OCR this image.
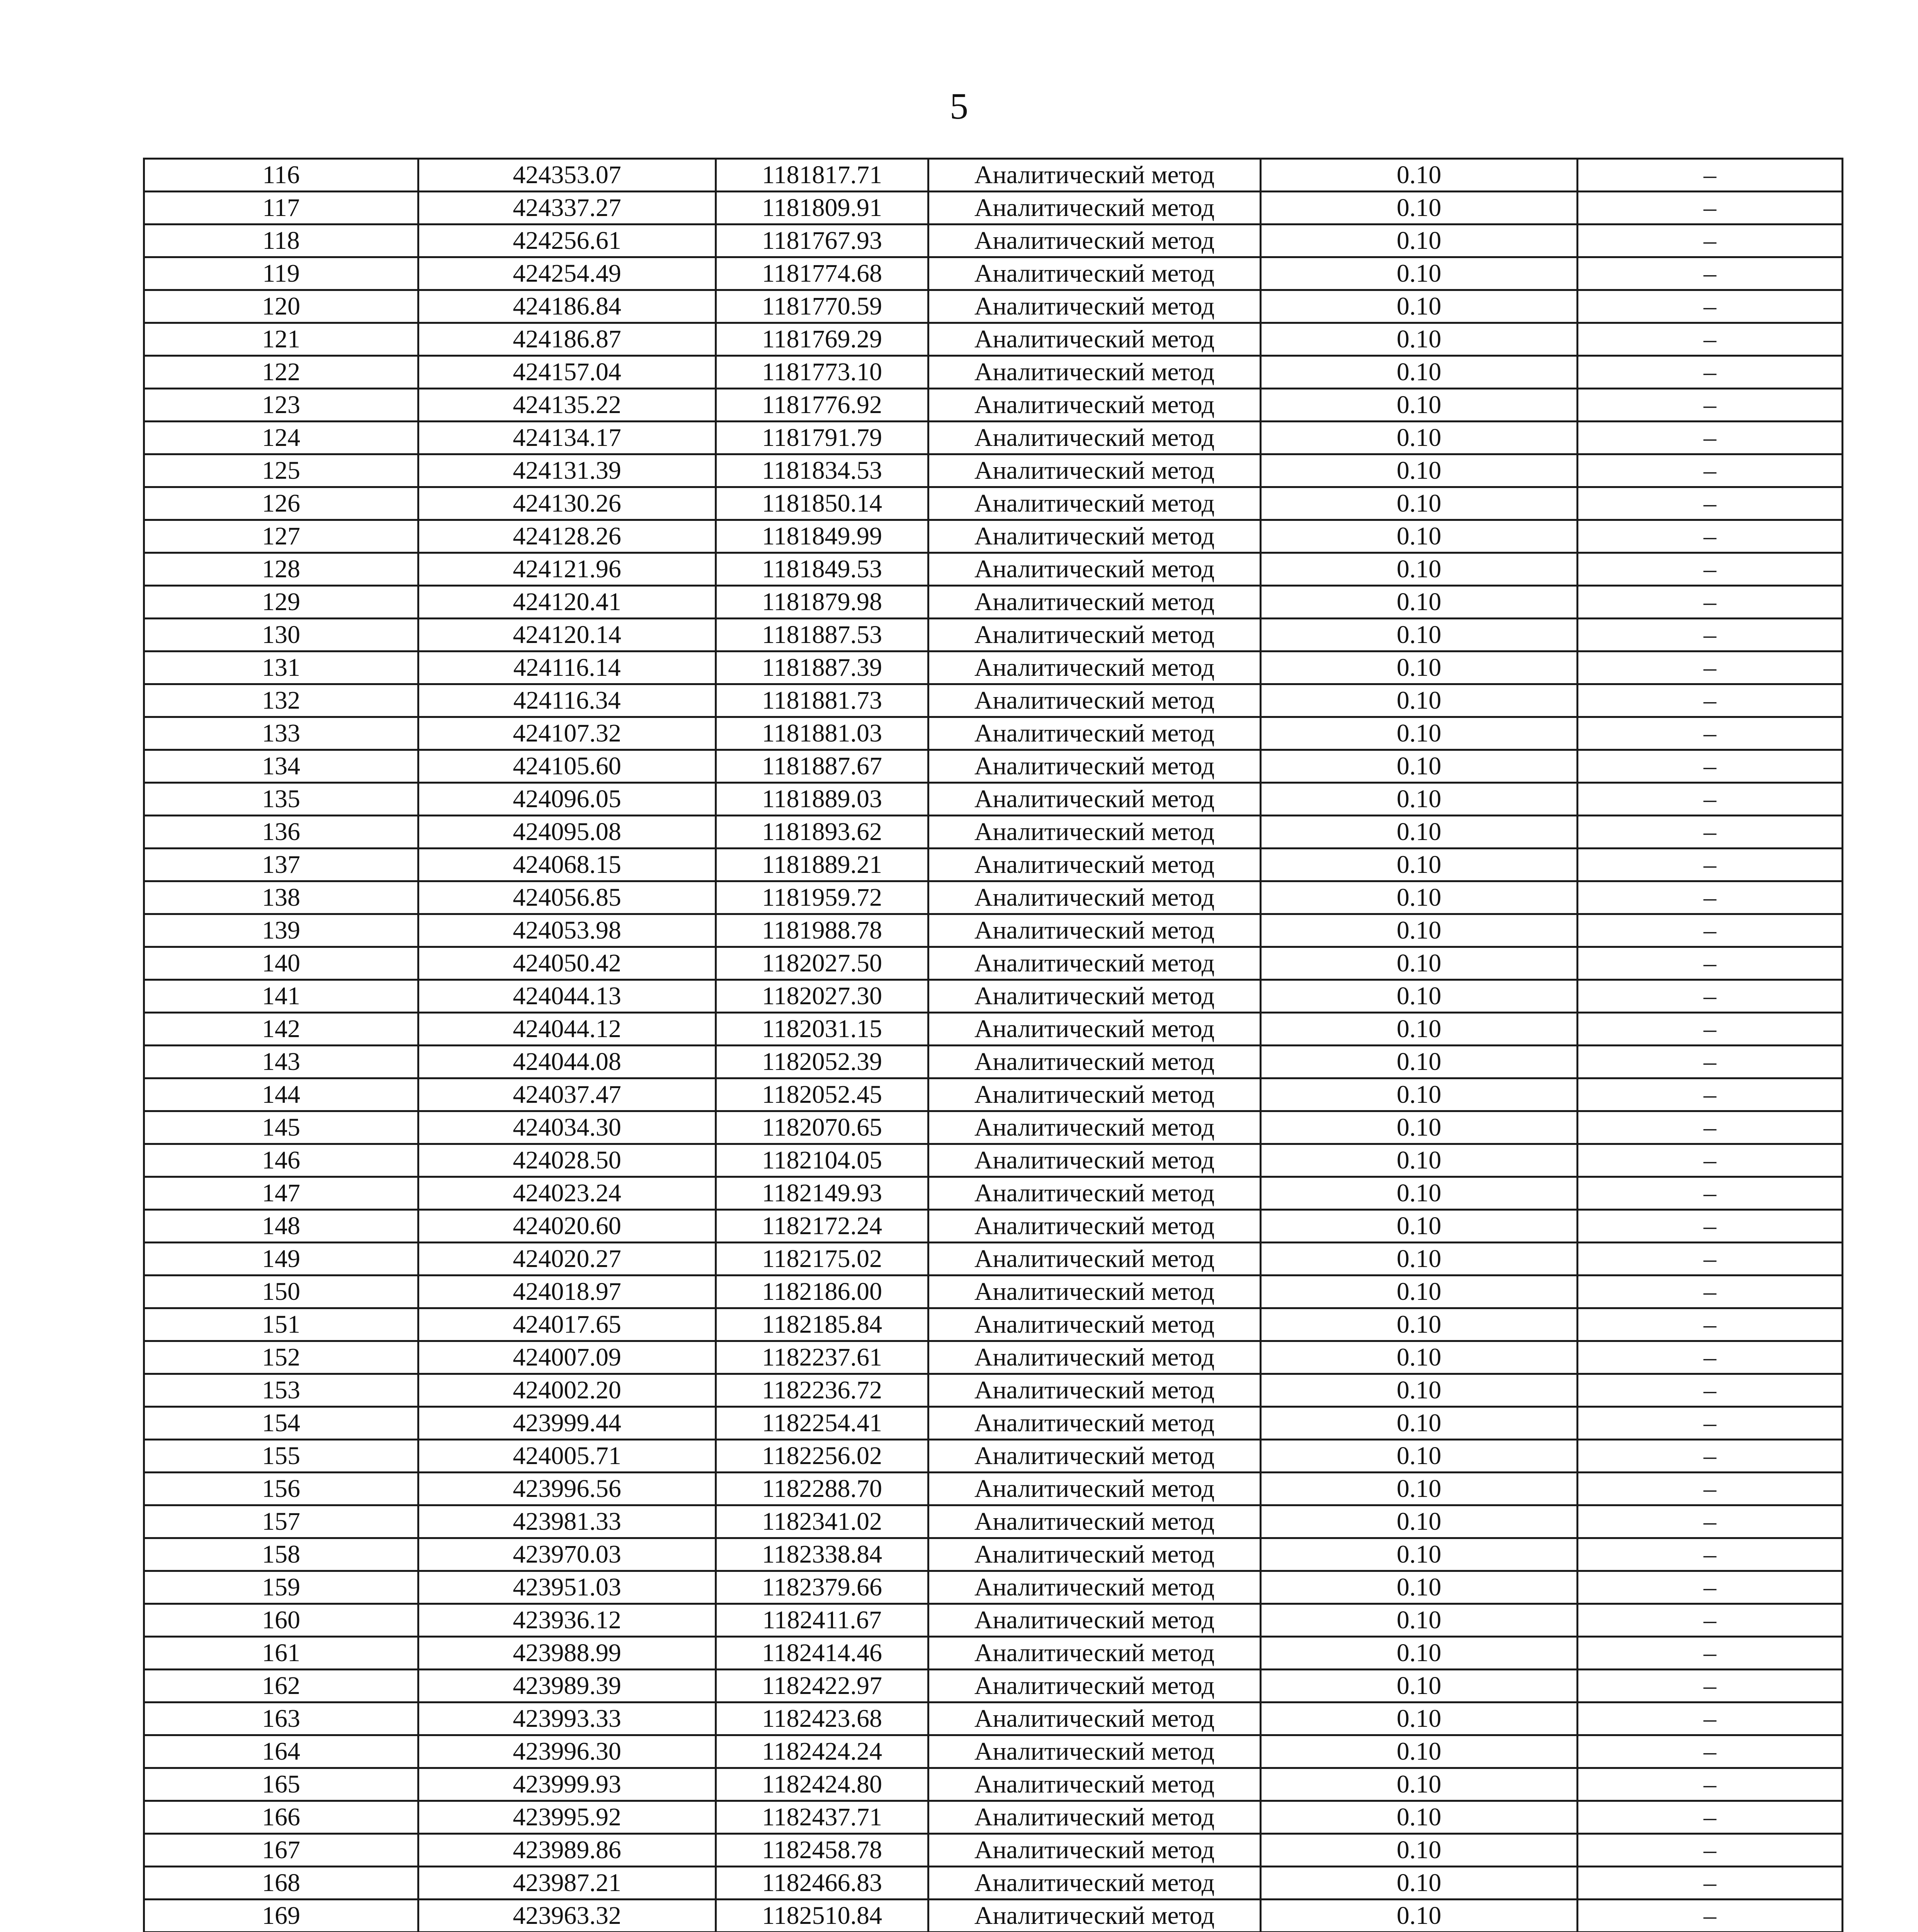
5
116	424353.07	1181817.71	Аналитический метод	0.10	–
117	424337.27	1181809.91	Аналитический метод	0.10	–
118	424256.61	1181767.93	Аналитический метод	0.10	–
119	424254.49	1181774.68	Аналитический метод	0.10	–
120	424186.84	1181770.59	Аналитический метод	0.10	–
121	424186.87	1181769.29	Аналитический метод	0.10	–
122	424157.04	1181773.10	Аналитический метод	0.10	–
123	424135.22	1181776.92	Аналитический метод	0.10	–
124	424134.17	1181791.79	Аналитический метод	0.10	–
125	424131.39	1181834.53	Аналитический метод	0.10	–
126	424130.26	1181850.14	Аналитический метод	0.10	–
127	424128.26	1181849.99	Аналитический метод	0.10	–
128	424121.96	1181849.53	Аналитический метод	0.10	–
129	424120.41	1181879.98	Аналитический метод	0.10	–
130	424120.14	1181887.53	Аналитический метод	0.10	–
131	424116.14	1181887.39	Аналитический метод	0.10	–
132	424116.34	1181881.73	Аналитический метод	0.10	–
133	424107.32	1181881.03	Аналитический метод	0.10	–
134	424105.60	1181887.67	Аналитический метод	0.10	–
135	424096.05	1181889.03	Аналитический метод	0.10	–
136	424095.08	1181893.62	Аналитический метод	0.10	–
137	424068.15	1181889.21	Аналитический метод	0.10	–
138	424056.85	1181959.72	Аналитический метод	0.10	–
139	424053.98	1181988.78	Аналитический метод	0.10	–
140	424050.42	1182027.50	Аналитический метод	0.10	–
141	424044.13	1182027.30	Аналитический метод	0.10	–
142	424044.12	1182031.15	Аналитический метод	0.10	–
143	424044.08	1182052.39	Аналитический метод	0.10	–
144	424037.47	1182052.45	Аналитический метод	0.10	–
145	424034.30	1182070.65	Аналитический метод	0.10	–
146	424028.50	1182104.05	Аналитический метод	0.10	–
147	424023.24	1182149.93	Аналитический метод	0.10	–
148	424020.60	1182172.24	Аналитический метод	0.10	–
149	424020.27	1182175.02	Аналитический метод	0.10	–
150	424018.97	1182186.00	Аналитический метод	0.10	–
151	424017.65	1182185.84	Аналитический метод	0.10	–
152	424007.09	1182237.61	Аналитический метод	0.10	–
153	424002.20	1182236.72	Аналитический метод	0.10	–
154	423999.44	1182254.41	Аналитический метод	0.10	–
155	424005.71	1182256.02	Аналитический метод	0.10	–
156	423996.56	1182288.70	Аналитический метод	0.10	–
157	423981.33	1182341.02	Аналитический метод	0.10	–
158	423970.03	1182338.84	Аналитический метод	0.10	–
159	423951.03	1182379.66	Аналитический метод	0.10	–
160	423936.12	1182411.67	Аналитический метод	0.10	–
161	423988.99	1182414.46	Аналитический метод	0.10	–
162	423989.39	1182422.97	Аналитический метод	0.10	–
163	423993.33	1182423.68	Аналитический метод	0.10	–
164	423996.30	1182424.24	Аналитический метод	0.10	–
165	423999.93	1182424.80	Аналитический метод	0.10	–
166	423995.92	1182437.71	Аналитический метод	0.10	–
167	423989.86	1182458.78	Аналитический метод	0.10	–
168	423987.21	1182466.83	Аналитический метод	0.10	–
169	423963.32	1182510.84	Аналитический метод	0.10	–
